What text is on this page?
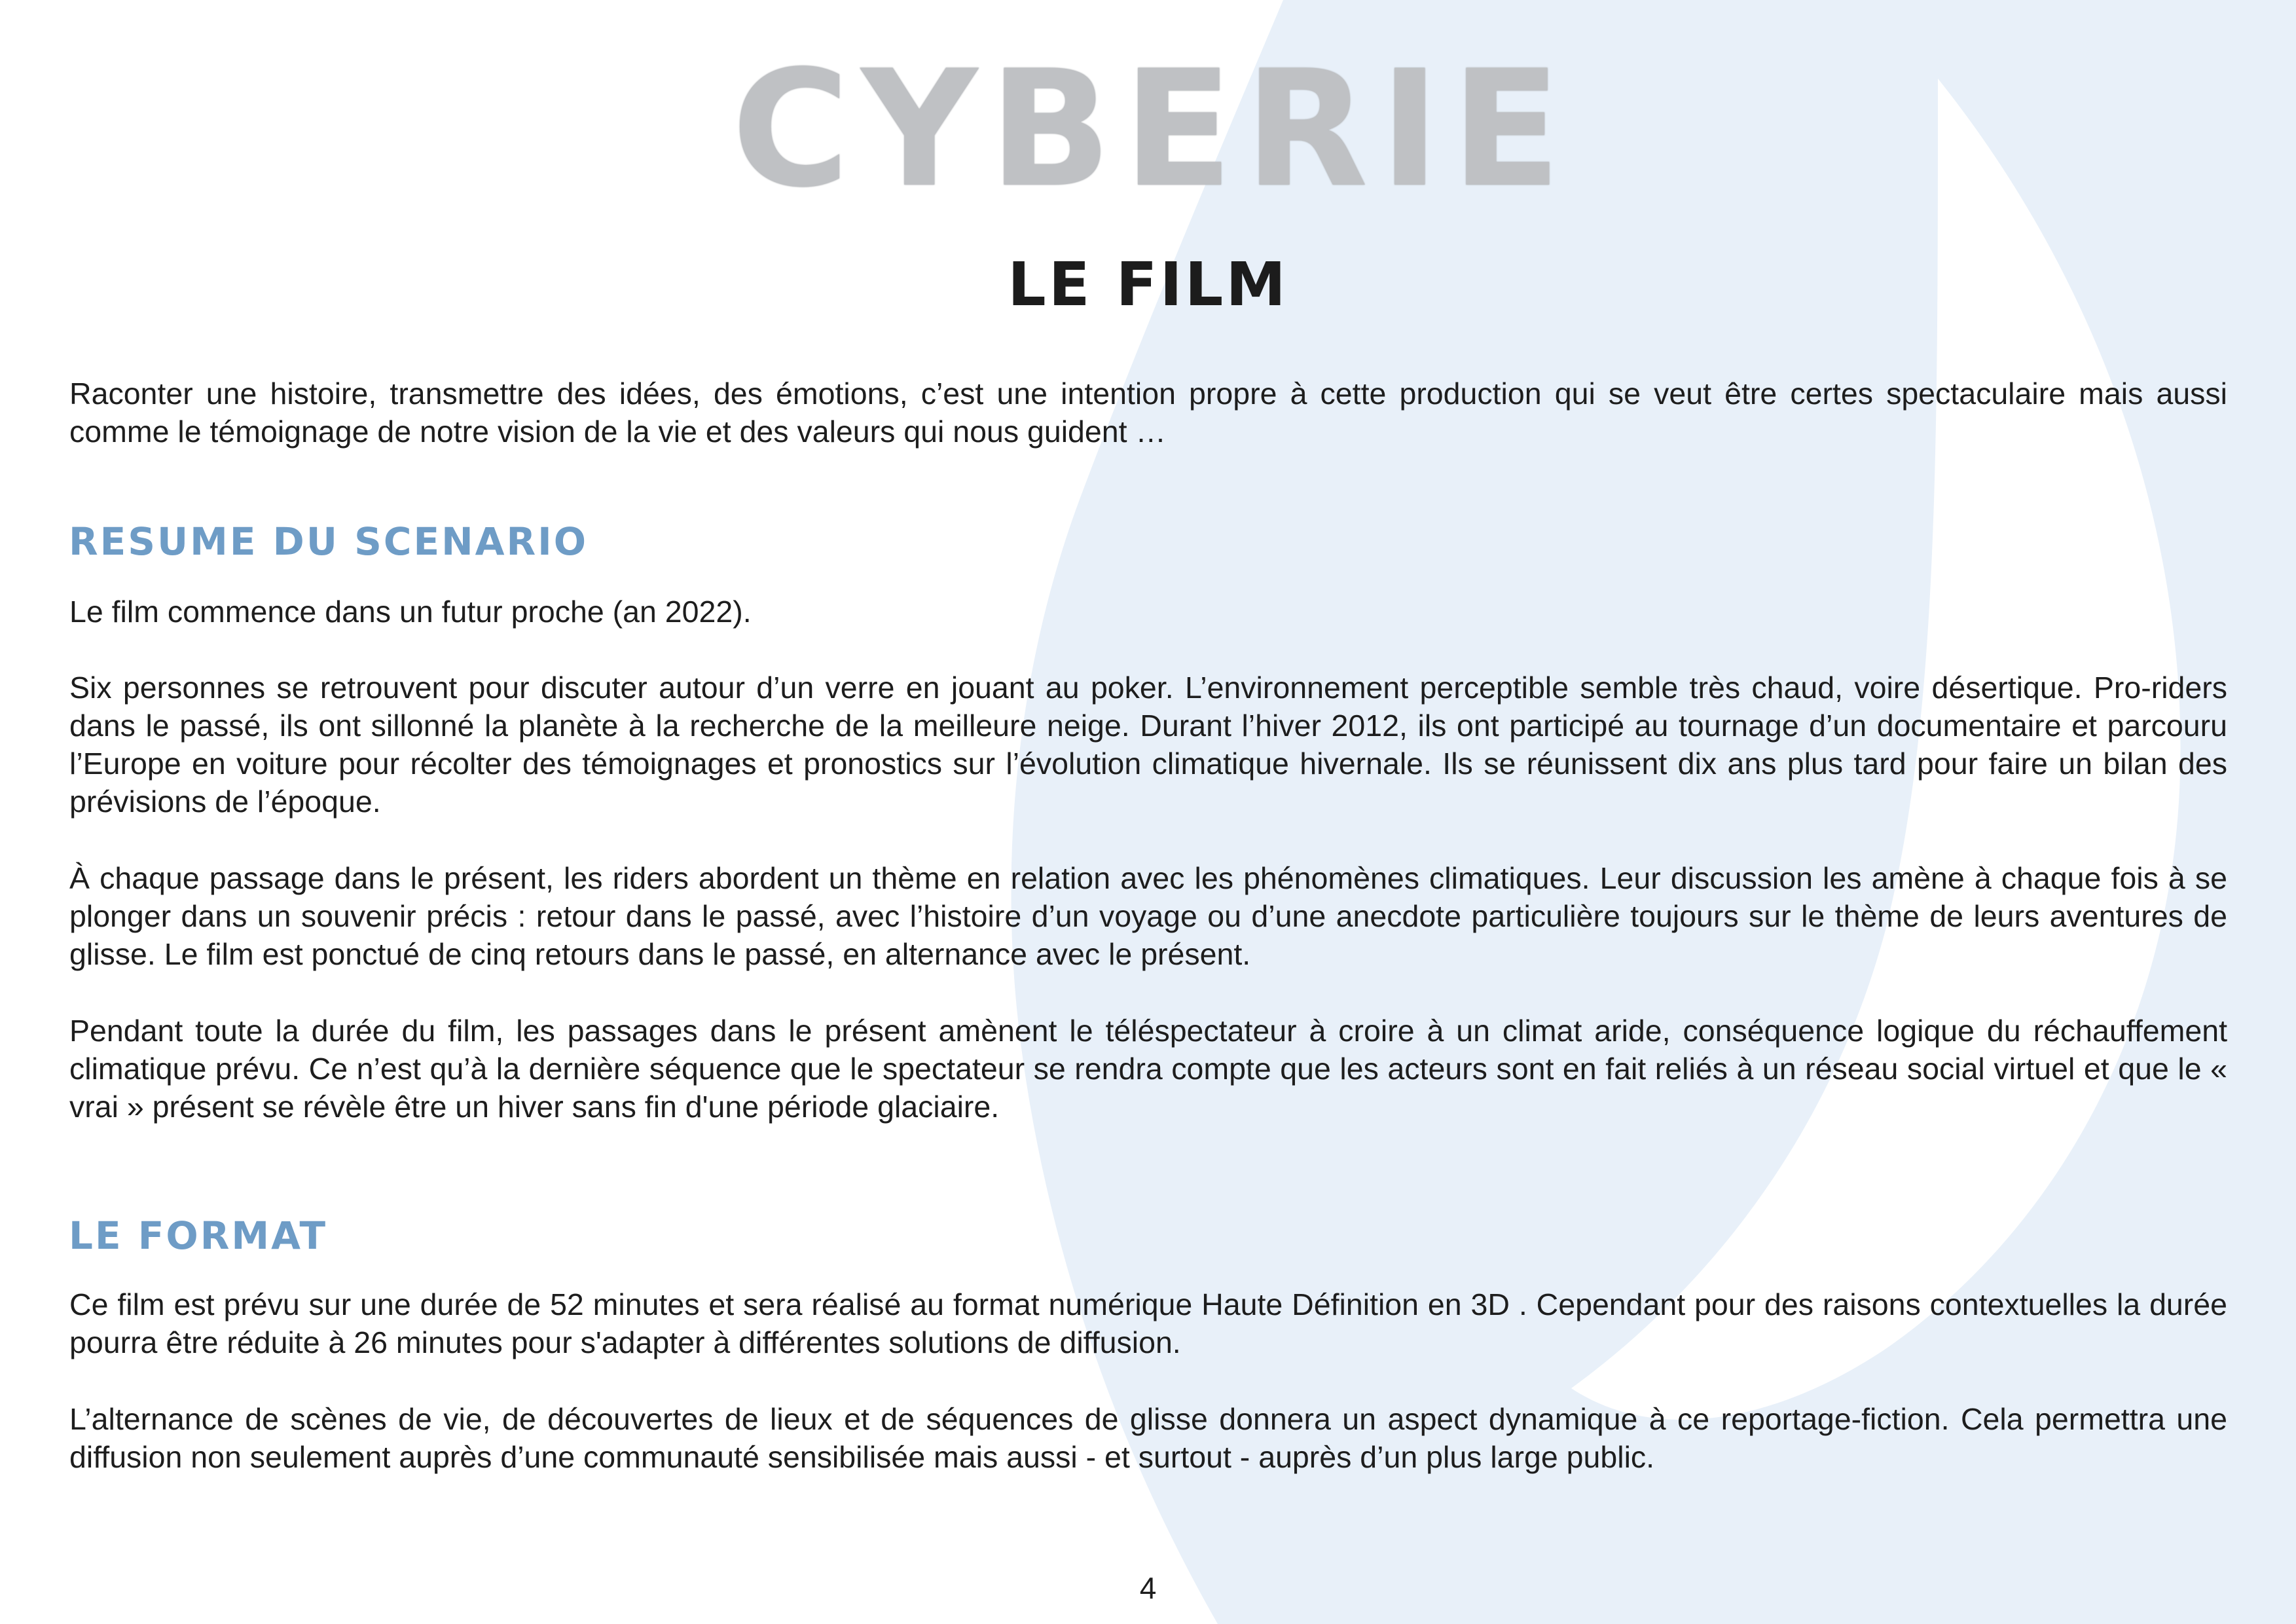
CYBERIE
LE FILM

Raconter une histoire, transmettre des idées, des émotions, c’est une intention propre à cette production qui se veut être certes spectaculaire mais aussi comme le témoignage de notre vision de la vie et des valeurs qui nous guident …

RESUME DU SCENARIO

Le film commence dans un futur proche (an 2022).

Six personnes se retrouvent pour discuter autour d’un verre en jouant au poker. L’environnement perceptible semble très chaud, voire désertique. Pro-riders dans le passé, ils ont sillonné la planète à la recherche de la meilleure neige. Durant l’hiver 2012, ils ont participé au tournage d’un documentaire et parcouru l’Europe en voiture pour récolter des témoignages et pronostics sur l’évolution climatique hivernale. Ils se réunissent dix ans plus tard pour faire un bilan des prévisions de l’époque.

À chaque passage dans le présent, les riders abordent un thème en relation avec les phénomènes climatiques. Leur discussion les amène à chaque fois à se plonger dans un souvenir précis : retour dans le passé, avec l’histoire d’un voyage ou d’une anecdote particulière toujours sur le thème de leurs aventures de glisse. Le film est ponctué de cinq retours dans le passé, en alternance avec le présent.

Pendant toute la durée du film, les passages dans le présent amènent le téléspectateur à croire à un climat aride, conséquence logique du réchauffement climatique prévu. Ce n’est qu’à la dernière séquence que le spectateur se rendra compte que les acteurs sont en fait reliés à un réseau social virtuel et que le « vrai » présent se révèle être un hiver sans fin d'une période glaciaire.

LE FORMAT

Ce film est prévu sur une durée de 52 minutes et sera réalisé au format numérique Haute Définition en 3D . Cependant pour des raisons contextuelles la durée pourra être réduite à 26 minutes pour s'adapter à différentes solutions de diffusion.

L’alternance de scènes de vie, de découvertes de lieux et de séquences de glisse donnera un aspect dynamique à ce reportage-fiction. Cela permettra une diffusion non seulement auprès d’une communauté sensibilisée mais aussi - et surtout - auprès d’un plus large public.

4
